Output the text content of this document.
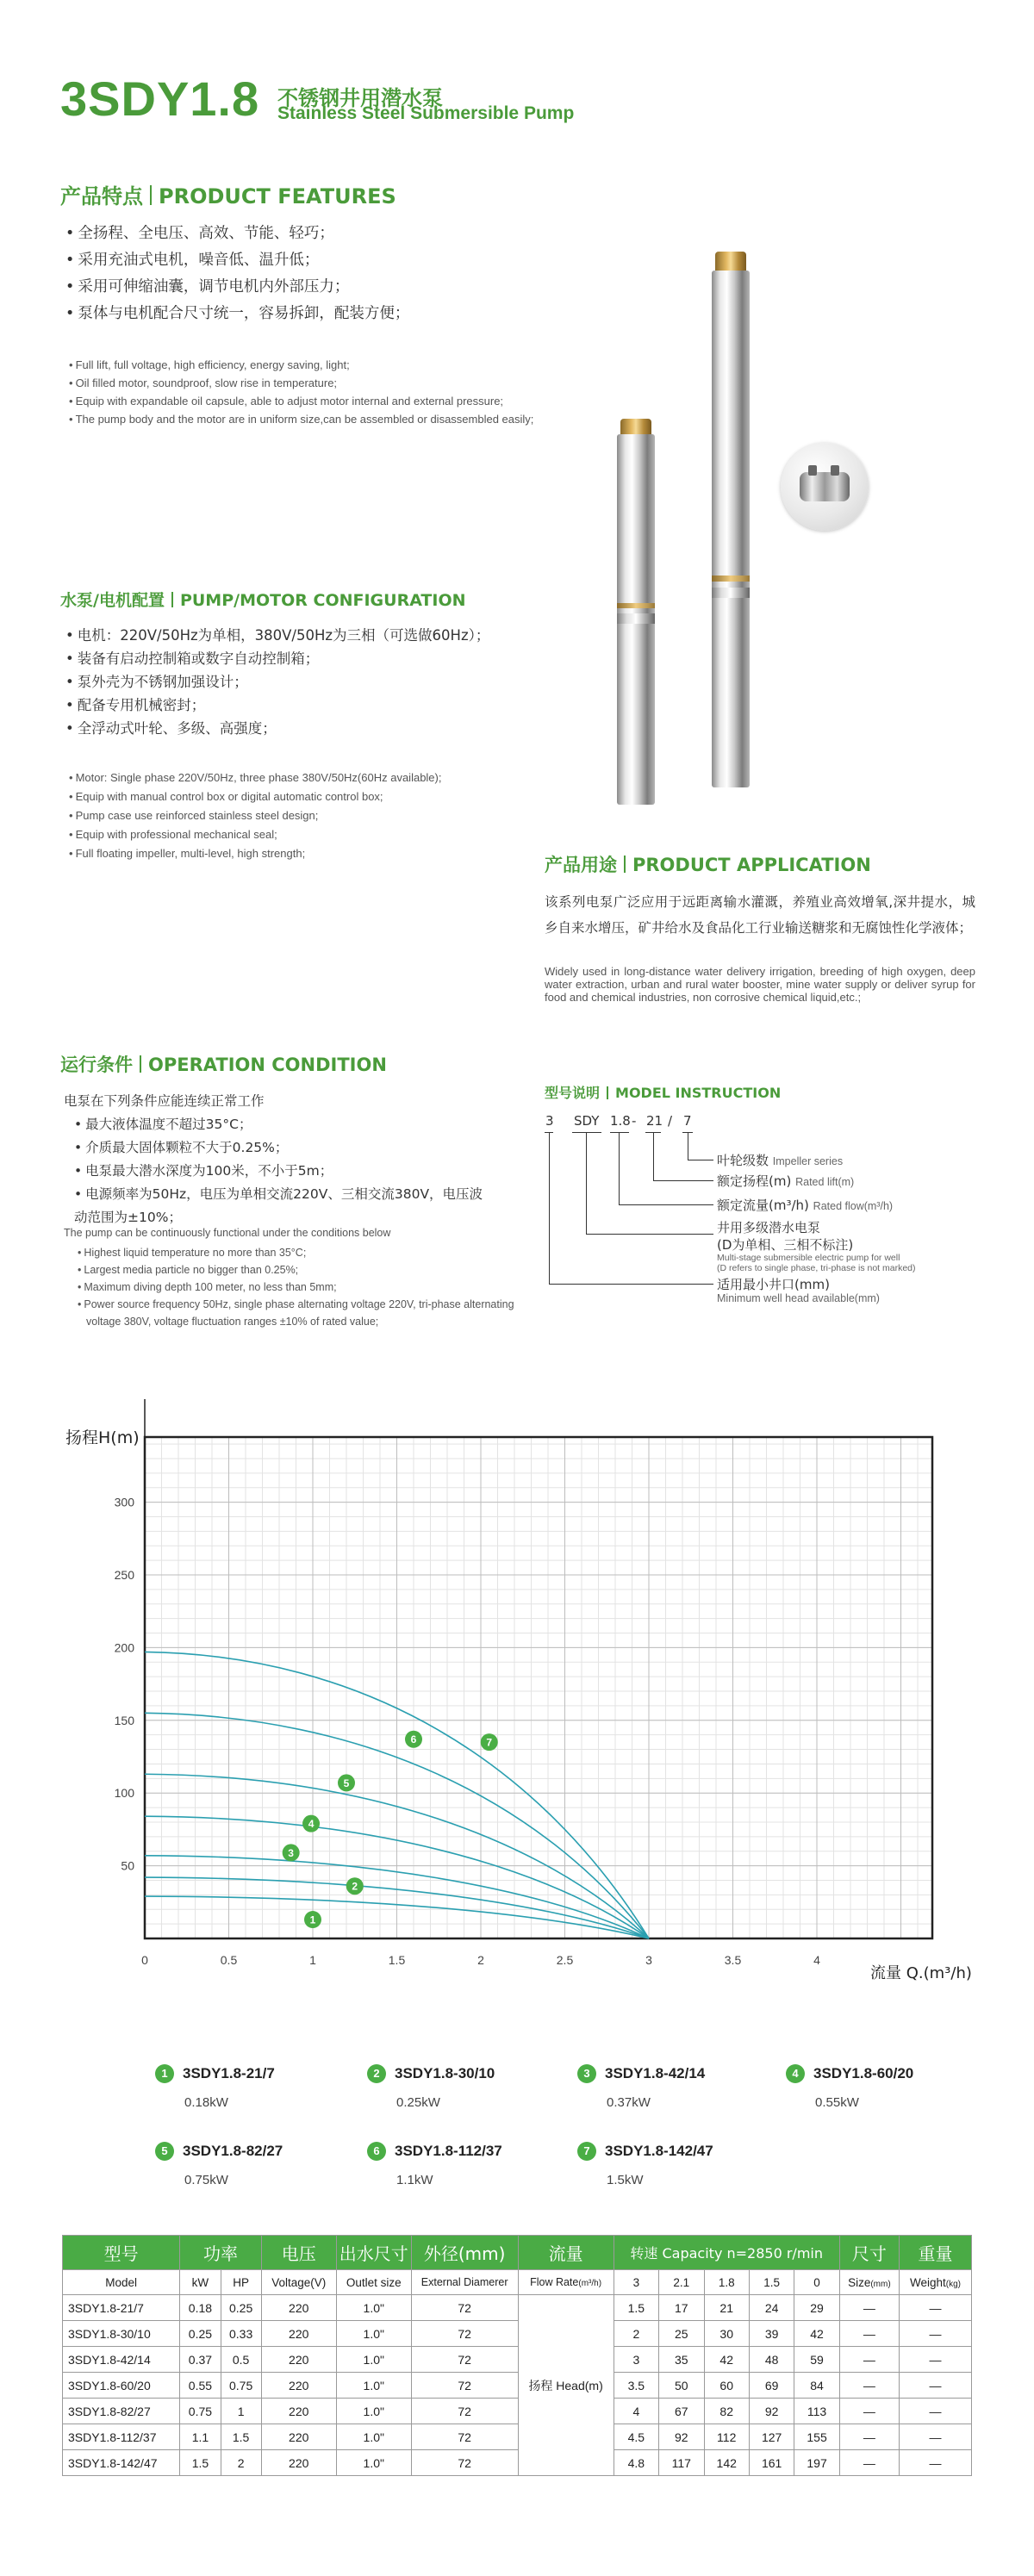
3SDY1.8 不锈钢井用潜水泵
Stainless Steel Submersible Pump
产品特点 PRODUCT FEATURES
• 全扬程、全电压、高效、节能、轻巧；
• 采用充油式电机，噪音低、温升低；
• 采用可伸缩油囊，调节电机内外部压力；
• 泵体与电机配合尺寸统一，容易拆卸，配装方便；
• Full lift, full voltage, high efficiency, energy saving, light;
• Oil filled motor, soundproof, slow rise in temperature;
• Equip with expandable oil capsule, able to adjust motor internal and external pressure;
• The pump body and the motor are in uniform size,can be assembled or disassembled easily;
水泵/电机配置 PUMP/MOTOR CONFIGURATION
• 电机：220V/50Hz为单相，380V/50Hz为三相（可选做60Hz）；
• 装备有启动控制箱或数字自动控制箱；
• 泵外壳为不锈钢加强设计；
• 配备专用机械密封；
• 全浮动式叶轮、多级、高强度；
• Motor: Single phase 220V/50Hz, three phase 380V/50Hz(60Hz available);
• Equip with manual control box or digital automatic control box;
• Pump case use reinforced stainless steel design;
• Equip with professional mechanical seal;
• Full floating impeller, multi-level, high strength;
产品用途 PRODUCT APPLICATION
该系列电泵广泛应用于远距离输水灌溉，养殖业高效增氧,深井提水，城乡自来水增压，矿井给水及食品化工行业输送糖浆和无腐蚀性化学液体；
Widely used in long-distance water delivery irrigation, breeding of high oxygen, deep water extraction, urban and rural water booster, mine water supply or deliver syrup for food and chemical industries, non corrosive chemical liquid,etc.;
运行条件 OPERATION CONDITION
电泵在下列条件应能连续正常工作
• 最大液体温度不超过35°C；
• 介质最大固体颗粒不大于0.25%；
• 电泵最大潜水深度为100米，不小于5m；
• 电源频率为50Hz，电压为单相交流220V、三相交流380V，电压波动范围为±10%；
The pump can be continuously functional under the conditions below
• Highest liquid temperature no more than 35°C;
• Largest media particle no bigger than 0.25%;
• Maximum diving depth 100 meter, no less than 5mm;
• Power source frequency 50Hz, single phase alternating voltage 220V, tri-phase alternating voltage 380V, voltage fluctuation ranges ±10% of rated value;
型号说明 MODEL INSTRUCTION
3 SDY 1.8 - 21 / 7
叶轮级数 Impeller series
额定扬程(m) Rated lift(m)
额定流量(m³/h) Rated flow(m³/h)
井用多级潜水电泵
(D为单相、三相不标注)
Multi-stage submersible electric pump for well
(D refers to single phase, tri-phase is not marked)
适用最小井口(mm)
Minimum well head available(mm)
扬程H(m)
流量 Q.(m³/h)
50
100
150
200
250
300
0	0.5	1	1.5	2	2.5	3	3.5	4
1
2
3
4
5
6	7
1 3SDY1.8-21/7
0.18kW
2 3SDY1.8-30/10
0.25kW
3 3SDY1.8-42/14
0.37kW
4 3SDY1.8-60/20
0.55kW
5 3SDY1.8-82/27
0.75kW
6 3SDY1.8-112/37
1.1kW
7 3SDY1.8-142/47
1.5kW
型号	功率		电压	出水尺寸	外径(mm)	流量	转速 Capacity n=2850 r/min					尺寸	重量
Model	kW	HP	Voltage(V)	Outlet size	External Diamerer	Flow Rate(m³/h)	3	2.1	1.8	1.5	0	Size(mm)	Weight(kg)
3SDY1.8-21/7	0.18	0.25	220	1.0"	72	扬程 Head(m)	1.5	17	21	24	29	—	—
3SDY1.8-30/10	0.25	0.33	220	1.0"	72		2	25	30	39	42	—	—
3SDY1.8-42/14	0.37	0.5	220	1.0"	72		3	35	42	48	59	—	—
3SDY1.8-60/20	0.55	0.75	220	1.0"	72		3.5	50	60	69	84	—	—
3SDY1.8-82/27	0.75	1	220	1.0"	72		4	67	82	92	113	—	—
3SDY1.8-112/37	1.1	1.5	220	1.0"	72		4.5	92	112	127	155	—	—
3SDY1.8-142/47	1.5	2	220	1.0"	72		4.8	117	142	161	197	—	—
